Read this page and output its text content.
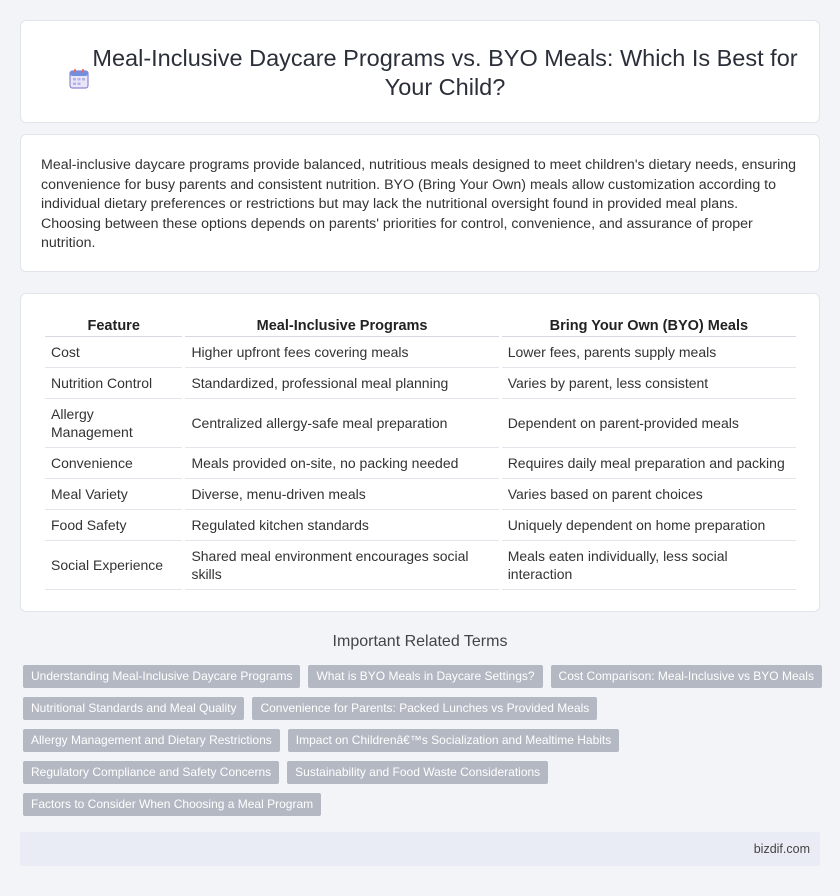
Meal-Inclusive Daycare Programs vs. BYO Meals: Which Is Best for Your Child?

Meal-inclusive daycare programs provide balanced, nutritious meals designed to meet children's dietary needs, ensuring convenience for busy parents and consistent nutrition. BYO (Bring Your Own) meals allow customization according to individual dietary preferences or restrictions but may lack the nutritional oversight found in provided meal plans. Choosing between these options depends on parents' priorities for control, convenience, and assurance of proper nutrition.

Feature	Meal-Inclusive Programs	Bring Your Own (BYO) Meals
Cost	Higher upfront fees covering meals	Lower fees, parents supply meals
Nutrition Control	Standardized, professional meal planning	Varies by parent, less consistent
Allergy Management	Centralized allergy-safe meal preparation	Dependent on parent-provided meals
Convenience	Meals provided on-site, no packing needed	Requires daily meal preparation and packing
Meal Variety	Diverse, menu-driven meals	Varies based on parent choices
Food Safety	Regulated kitchen standards	Uniquely dependent on home preparation
Social Experience	Shared meal environment encourages social skills	Meals eaten individually, less social interaction
Important Related Terms
Understanding Meal-Inclusive Daycare Programs	What is BYO Meals in Daycare Settings?	Cost Comparison: Meal-Inclusive vs BYO Meals
Nutritional Standards and Meal Quality	Convenience for Parents: Packed Lunches vs Provided Meals
Allergy Management and Dietary Restrictions	Impact on Childrenâ€™s Socialization and Mealtime Habits
Regulatory Compliance and Safety Concerns	Sustainability and Food Waste Considerations
Factors to Consider When Choosing a Meal Program
bizdif.com
